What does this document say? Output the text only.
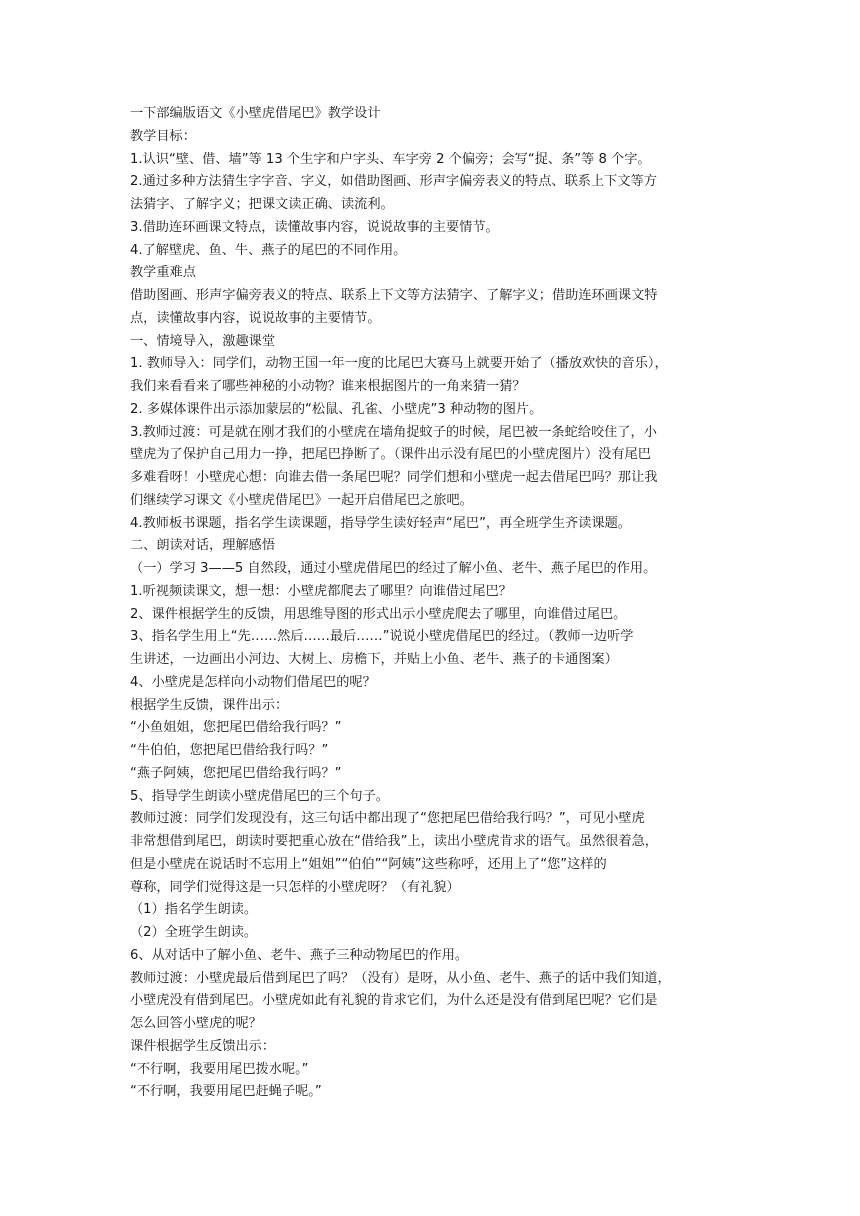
一下部编版语文《小壁虎借尾巴》教学设计
教学目标：
1.认识“壁、借、墙”等 13 个生字和户字头、车字旁 2 个偏旁；会写“捉、条”等 8 个字。
2.通过多种方法猜生字字音、字义，如借助图画、形声字偏旁表义的特点、联系上下文等方
法猜字、了解字义；把课文读正确、读流利。
3.借助连环画课文特点，读懂故事内容，说说故事的主要情节。
4.了解壁虎、鱼、牛、燕子的尾巴的不同作用。
教学重难点
借助图画、形声字偏旁表义的特点、联系上下文等方法猜字、了解字义；借助连环画课文特
点，读懂故事内容，说说故事的主要情节。
一、情境导入，激趣课堂
1. 教师导入：同学们，动物王国一年一度的比尾巴大赛马上就要开始了（播放欢快的音乐），
我们来看看来了哪些神秘的小动物？谁来根据图片的一角来猜一猜？
2. 多媒体课件出示添加蒙层的“松鼠、孔雀、小壁虎”3 种动物的图片。
3.教师过渡：可是就在刚才我们的小壁虎在墙角捉蚊子的时候，尾巴被一条蛇给咬住了，小
壁虎为了保护自己用力一挣，把尾巴挣断了。（课件出示没有尾巴的小壁虎图片）没有尾巴
多难看呀！小壁虎心想：向谁去借一条尾巴呢？同学们想和小壁虎一起去借尾巴吗？那让我
们继续学习课文《小壁虎借尾巴》一起开启借尾巴之旅吧。
4.教师板书课题，指名学生读课题，指导学生读好轻声“尾巴”，再全班学生齐读课题。
二、朗读对话，理解感悟
（一）学习 3——5 自然段，通过小壁虎借尾巴的经过了解小鱼、老牛、燕子尾巴的作用。
1.听视频读课文，想一想：小壁虎都爬去了哪里？向谁借过尾巴？
2、课件根据学生的反馈，用思维导图的形式出示小壁虎爬去了哪里，向谁借过尾巴。
3、指名学生用上“先……然后……最后……”说说小壁虎借尾巴的经过。（教师一边听学
生讲述，一边画出小河边、大树上、房檐下，并贴上小鱼、老牛、燕子的卡通图案）
4、小壁虎是怎样向小动物们借尾巴的呢？
根据学生反馈，课件出示：
“小鱼姐姐，您把尾巴借给我行吗？”
“牛伯伯，您把尾巴借给我行吗？”
“燕子阿姨，您把尾巴借给我行吗？”
5、指导学生朗读小壁虎借尾巴的三个句子。
教师过渡：同学们发现没有，这三句话中都出现了“您把尾巴借给我行吗？”，可见小壁虎
非常想借到尾巴，朗读时要把重心放在“借给我”上，读出小壁虎肯求的语气。虽然很着急，
但是小壁虎在说话时不忘用上“姐姐”“伯伯”“阿姨”这些称呼，还用上了“您”这样的
尊称，同学们觉得这是一只怎样的小壁虎呀？（有礼貌）
（1）指名学生朗读。
（2）全班学生朗读。
6、从对话中了解小鱼、老牛、燕子三种动物尾巴的作用。
教师过渡：小壁虎最后借到尾巴了吗？（没有）是呀，从小鱼、老牛、燕子的话中我们知道，
小壁虎没有借到尾巴。小壁虎如此有礼貌的肯求它们，为什么还是没有借到尾巴呢？它们是
怎么回答小壁虎的呢？
课件根据学生反馈出示：
“不行啊，我要用尾巴拨水呢。”
“不行啊，我要用尾巴赶蝇子呢。”
